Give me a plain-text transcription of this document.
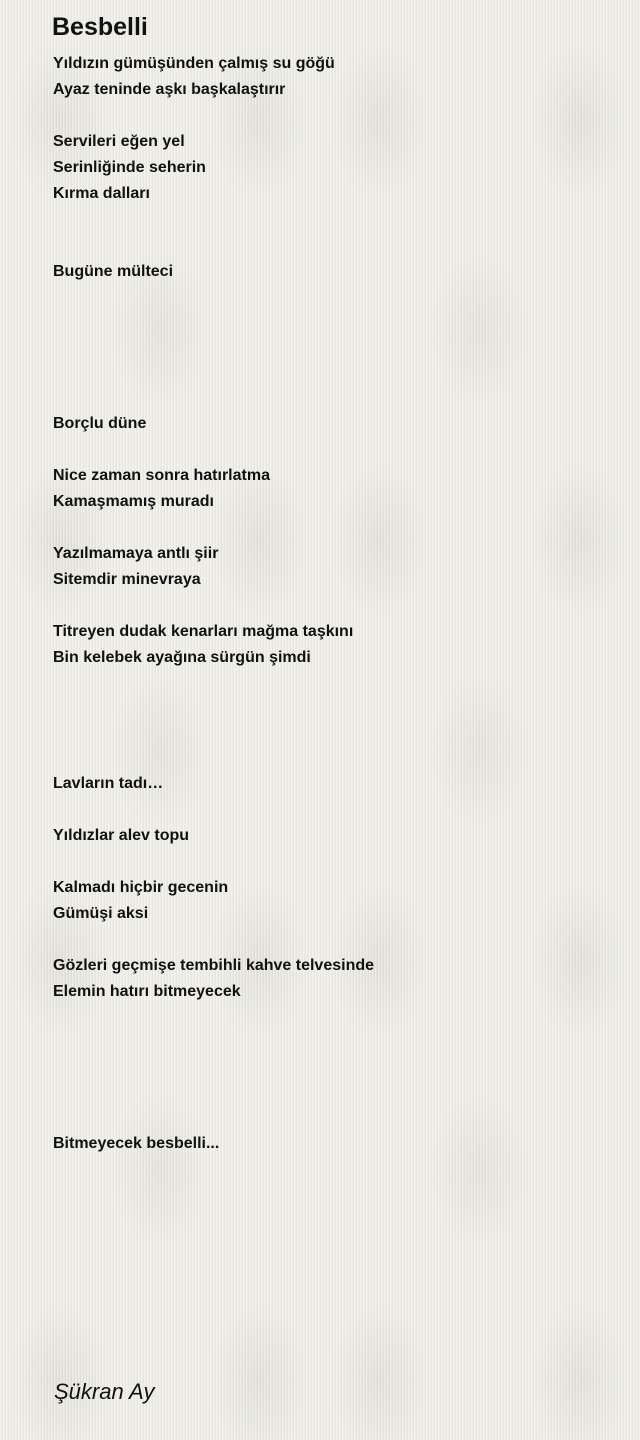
Besbelli
Yıldızın gümüşünden çalmış su göğü
Ayaz teninde aşkı başkalaştırır
Servileri eğen yel
Serinliğinde seherin
Kırma dalları
Bugüne mülteci
Borçlu düne
Nice zaman sonra hatırlatma
Kamaşmamış muradı
Yazılmamaya antlı şiir
Sitemdir minevraya
Titreyen dudak kenarları mağma taşkını
Bin kelebek ayağına sürgün şimdi
Lavların tadı…
Yıldızlar alev topu
Kalmadı hiçbir gecenin
Gümüşi aksi
Gözleri geçmişe tembihli kahve telvesinde
Elemin hatırı bitmeyecek
Bitmeyecek besbelli...
Şükran Ay
